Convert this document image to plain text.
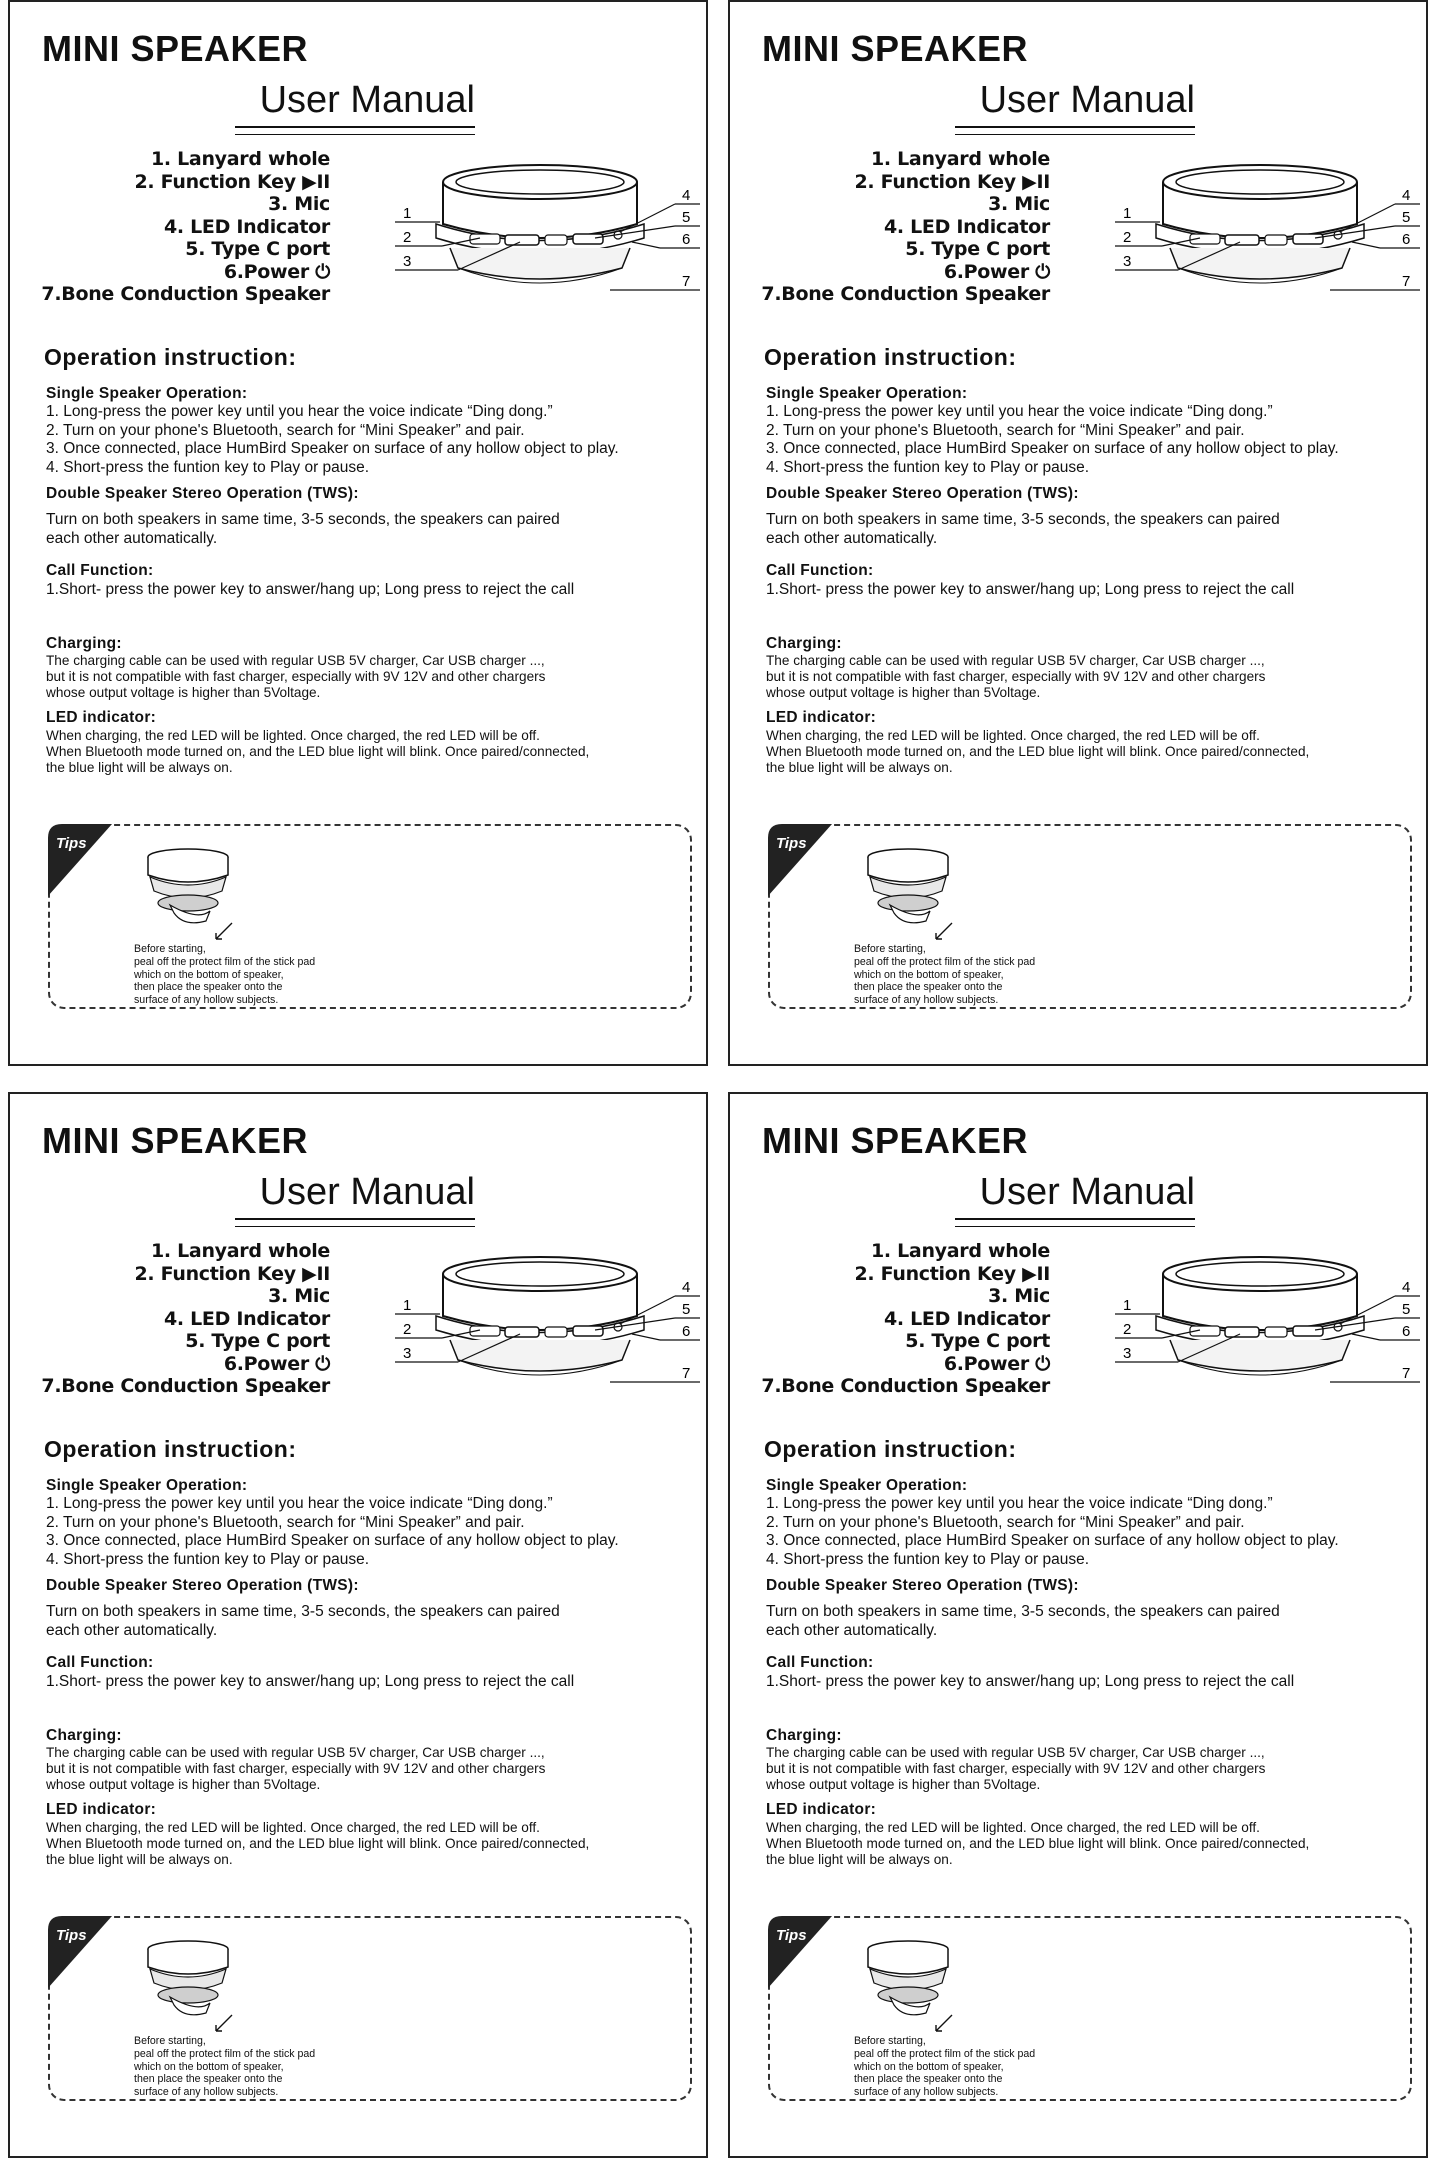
MINI SPEAKER
User Manual
1. Lanyard whole
2. Function Key ▶II
3. Mic
4. LED Indicator
5. Type C port
6.Power ⏻
7.Bone Conduction Speaker
1
2
3
4
5
6
7
Operation instruction:

Single Speaker Operation:

1. Long-press the power key until you hear the voice indicate “Ding dong.”

2. Turn on your phone's Bluetooth, search for “Mini Speaker” and pair.

3. Once connected, place HumBird Speaker on surface of any hollow object to play.

4. Short-press the funtion key to Play or pause.

Double Speaker Stereo Operation (TWS):

Turn on both speakers in same time, 3-5 seconds, the speakers can paired

each other automatically.

Call Function:

1.Short- press the power key to answer/hang up; Long press to reject the call

Charging:

The charging cable can be used with regular USB 5V charger, Car USB charger ...,

but it is not compatible with fast charger, especially with 9V 12V and other chargers

whose output voltage is higher than 5Voltage.

LED indicator:

When charging, the red LED will be lighted. Once charged, the red LED will be off.

When Bluetooth mode turned on, and the LED blue light will blink. Once paired/connected,

the blue light will be always on.

Tips
Before starting,
peal off the protect film of the stick pad
which on the bottom of speaker,
then place the speaker onto the
surface of any hollow subjects.
MINI SPEAKER
User Manual
1. Lanyard whole
2. Function Key ▶II
3. Mic
4. LED Indicator
5. Type C port
6.Power ⏻
7.Bone Conduction Speaker
1
2
3
4
5
6
7
Operation instruction:

Single Speaker Operation:

1. Long-press the power key until you hear the voice indicate “Ding dong.”

2. Turn on your phone's Bluetooth, search for “Mini Speaker” and pair.

3. Once connected, place HumBird Speaker on surface of any hollow object to play.

4. Short-press the funtion key to Play or pause.

Double Speaker Stereo Operation (TWS):

Turn on both speakers in same time, 3-5 seconds, the speakers can paired

each other automatically.

Call Function:

1.Short- press the power key to answer/hang up; Long press to reject the call

Charging:

The charging cable can be used with regular USB 5V charger, Car USB charger ...,

but it is not compatible with fast charger, especially with 9V 12V and other chargers

whose output voltage is higher than 5Voltage.

LED indicator:

When charging, the red LED will be lighted. Once charged, the red LED will be off.

When Bluetooth mode turned on, and the LED blue light will blink. Once paired/connected,

the blue light will be always on.

Tips
Before starting,
peal off the protect film of the stick pad
which on the bottom of speaker,
then place the speaker onto the
surface of any hollow subjects.
MINI SPEAKER
User Manual
1. Lanyard whole
2. Function Key ▶II
3. Mic
4. LED Indicator
5. Type C port
6.Power ⏻
7.Bone Conduction Speaker
1
2
3
4
5
6
7
Operation instruction:

Single Speaker Operation:

1. Long-press the power key until you hear the voice indicate “Ding dong.”

2. Turn on your phone's Bluetooth, search for “Mini Speaker” and pair.

3. Once connected, place HumBird Speaker on surface of any hollow object to play.

4. Short-press the funtion key to Play or pause.

Double Speaker Stereo Operation (TWS):

Turn on both speakers in same time, 3-5 seconds, the speakers can paired

each other automatically.

Call Function:

1.Short- press the power key to answer/hang up; Long press to reject the call

Charging:

The charging cable can be used with regular USB 5V charger, Car USB charger ...,

but it is not compatible with fast charger, especially with 9V 12V and other chargers

whose output voltage is higher than 5Voltage.

LED indicator:

When charging, the red LED will be lighted. Once charged, the red LED will be off.

When Bluetooth mode turned on, and the LED blue light will blink. Once paired/connected,

the blue light will be always on.

Tips
Before starting,
peal off the protect film of the stick pad
which on the bottom of speaker,
then place the speaker onto the
surface of any hollow subjects.
MINI SPEAKER
User Manual
1. Lanyard whole
2. Function Key ▶II
3. Mic
4. LED Indicator
5. Type C port
6.Power ⏻
7.Bone Conduction Speaker
1
2
3
4
5
6
7
Operation instruction:

Single Speaker Operation:

1. Long-press the power key until you hear the voice indicate “Ding dong.”

2. Turn on your phone's Bluetooth, search for “Mini Speaker” and pair.

3. Once connected, place HumBird Speaker on surface of any hollow object to play.

4. Short-press the funtion key to Play or pause.

Double Speaker Stereo Operation (TWS):

Turn on both speakers in same time, 3-5 seconds, the speakers can paired

each other automatically.

Call Function:

1.Short- press the power key to answer/hang up; Long press to reject the call

Charging:

The charging cable can be used with regular USB 5V charger, Car USB charger ...,

but it is not compatible with fast charger, especially with 9V 12V and other chargers

whose output voltage is higher than 5Voltage.

LED indicator:

When charging, the red LED will be lighted. Once charged, the red LED will be off.

When Bluetooth mode turned on, and the LED blue light will blink. Once paired/connected,

the blue light will be always on.

Tips
Before starting,
peal off the protect film of the stick pad
which on the bottom of speaker,
then place the speaker onto the
surface of any hollow subjects.
